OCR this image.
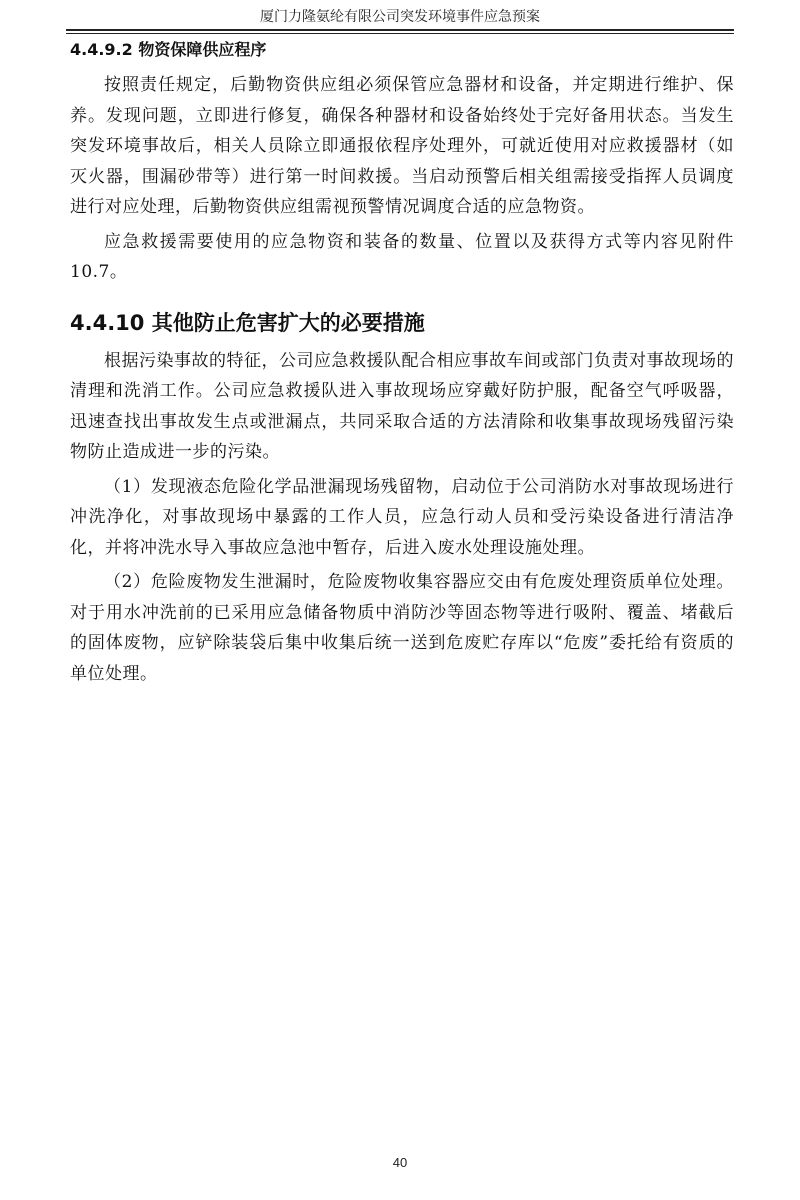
厦门力隆氨纶有限公司突发环境事件应急预案
4.4.9.2 物资保障供应程序

按照责任规定，后勤物资供应组必须保管应急器材和设备，并定期进行维护、保养。发现问题，立即进行修复，确保各种器材和设备始终处于完好备用状态。当发生突发环境事故后，相关人员除立即通报依程序处理外，可就近使用对应救援器材（如灭火器，围漏砂带等）进行第一时间救援。当启动预警后相关组需接受指挥人员调度进行对应处理，后勤物资供应组需视预警情况调度合适的应急物资。

应急救援需要使用的应急物资和装备的数量、位置以及获得方式等内容见附件10.7。

4.4.10 其他防止危害扩大的必要措施

根据污染事故的特征，公司应急救援队配合相应事故车间或部门负责对事故现场的清理和洗消工作。公司应急救援队进入事故现场应穿戴好防护服，配备空气呼吸器，迅速查找出事故发生点或泄漏点，共同采取合适的方法清除和收集事故现场残留污染物防止造成进一步的污染。

（1）发现液态危险化学品泄漏现场残留物，启动位于公司消防水对事故现场进行冲洗净化，对事故现场中暴露的工作人员，应急行动人员和受污染设备进行清洁净化，并将冲洗水导入事故应急池中暂存，后进入废水处理设施处理。

（2）危险废物发生泄漏时，危险废物收集容器应交由有危废处理资质单位处理。对于用水冲洗前的已采用应急储备物质中消防沙等固态物等进行吸附、覆盖、堵截后的固体废物，应铲除装袋后集中收集后统一送到危废贮存库以“危废”委托给有资质的单位处理。

40
